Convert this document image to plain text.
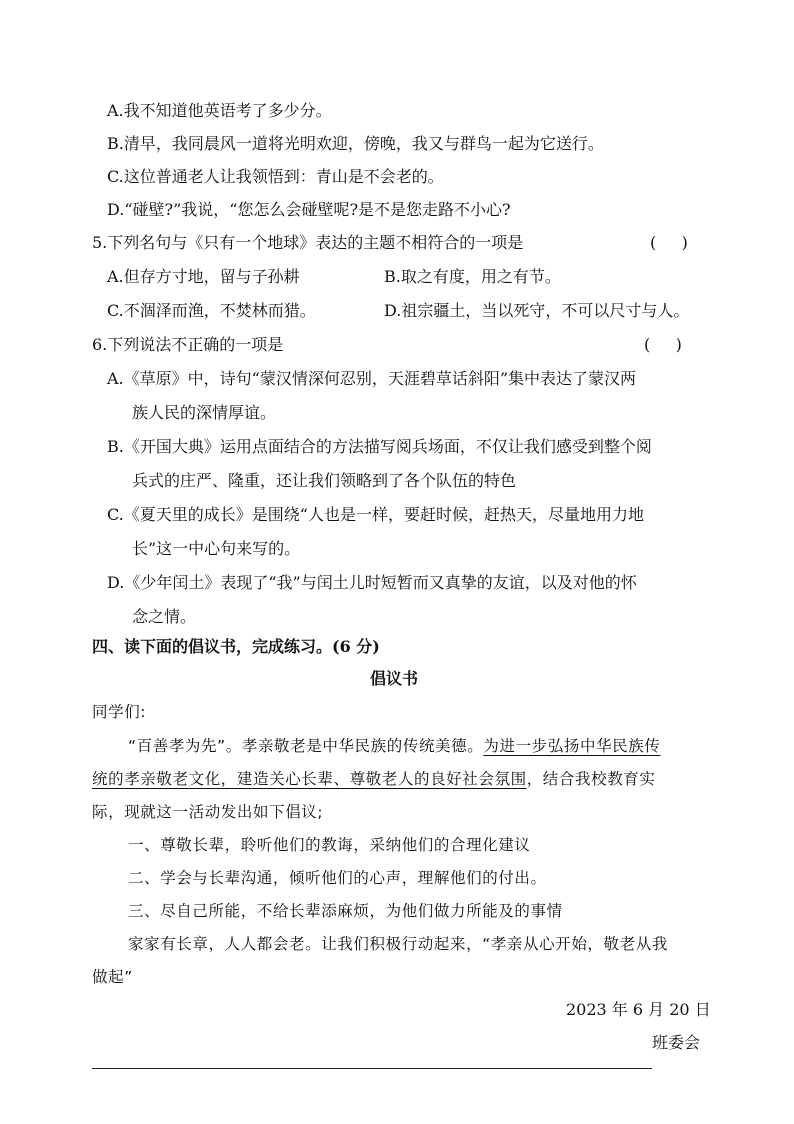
A.我不知道他英语考了多少分。
B.清早，我同晨风一道将光明欢迎，傍晚，我又与群鸟一起为它送行。
C.这位普通老人让我领悟到：青山是不会老的。
D.“碰壁?”我说，“您怎么会碰壁呢?是不是您走路不小心?
5.下列名句与《只有一个地球》表达的主题不相符合的一项是	(     )
A.但存方寸地，留与子孙耕	B.取之有度，用之有节。
C.不涸泽而渔，不焚林而猎。	D.祖宗疆土，当以死守，不可以尺寸与人。
6.下列说法不正确的一项是	(     )
A.《草原》中，诗句“蒙汉情深何忍别，天涯碧草话斜阳”集中表达了蒙汉两
族人民的深情厚谊。
B.《开国大典》运用点面结合的方法描写阅兵场面，不仅让我们感受到整个阅
兵式的庄严、隆重，还让我们领略到了各个队伍的特色
C.《夏天里的成长》是围绕“人也是一样，要赶时候，赶热天，尽量地用力地
长”这一中心句来写的。
D.《少年闰土》表现了“我”与闰土儿时短暂而又真挚的友谊，以及对他的怀
念之情。
四、读下面的倡议书，完成练习。(6 分)
倡议书
同学们:
“百善孝为先”。孝亲敬老是中华民族的传统美德。为进一步弘扬中华民族传
统的孝亲敬老文化，建造关心长辈、尊敬老人的良好社会氛围，结合我校教育实
际，现就这一活动发出如下倡议;
一、尊敬长辈，聆听他们的教诲，采纳他们的合理化建议
二、学会与长辈沟通，倾听他们的心声，理解他们的付出。
三、尽自己所能，不给长辈添麻烦，为他们做力所能及的事情
家家有长章，人人都会老。让我们积极行动起来，“孝亲从心开始，敬老从我
做起”
2023 年 6 月 20 日
班委会
